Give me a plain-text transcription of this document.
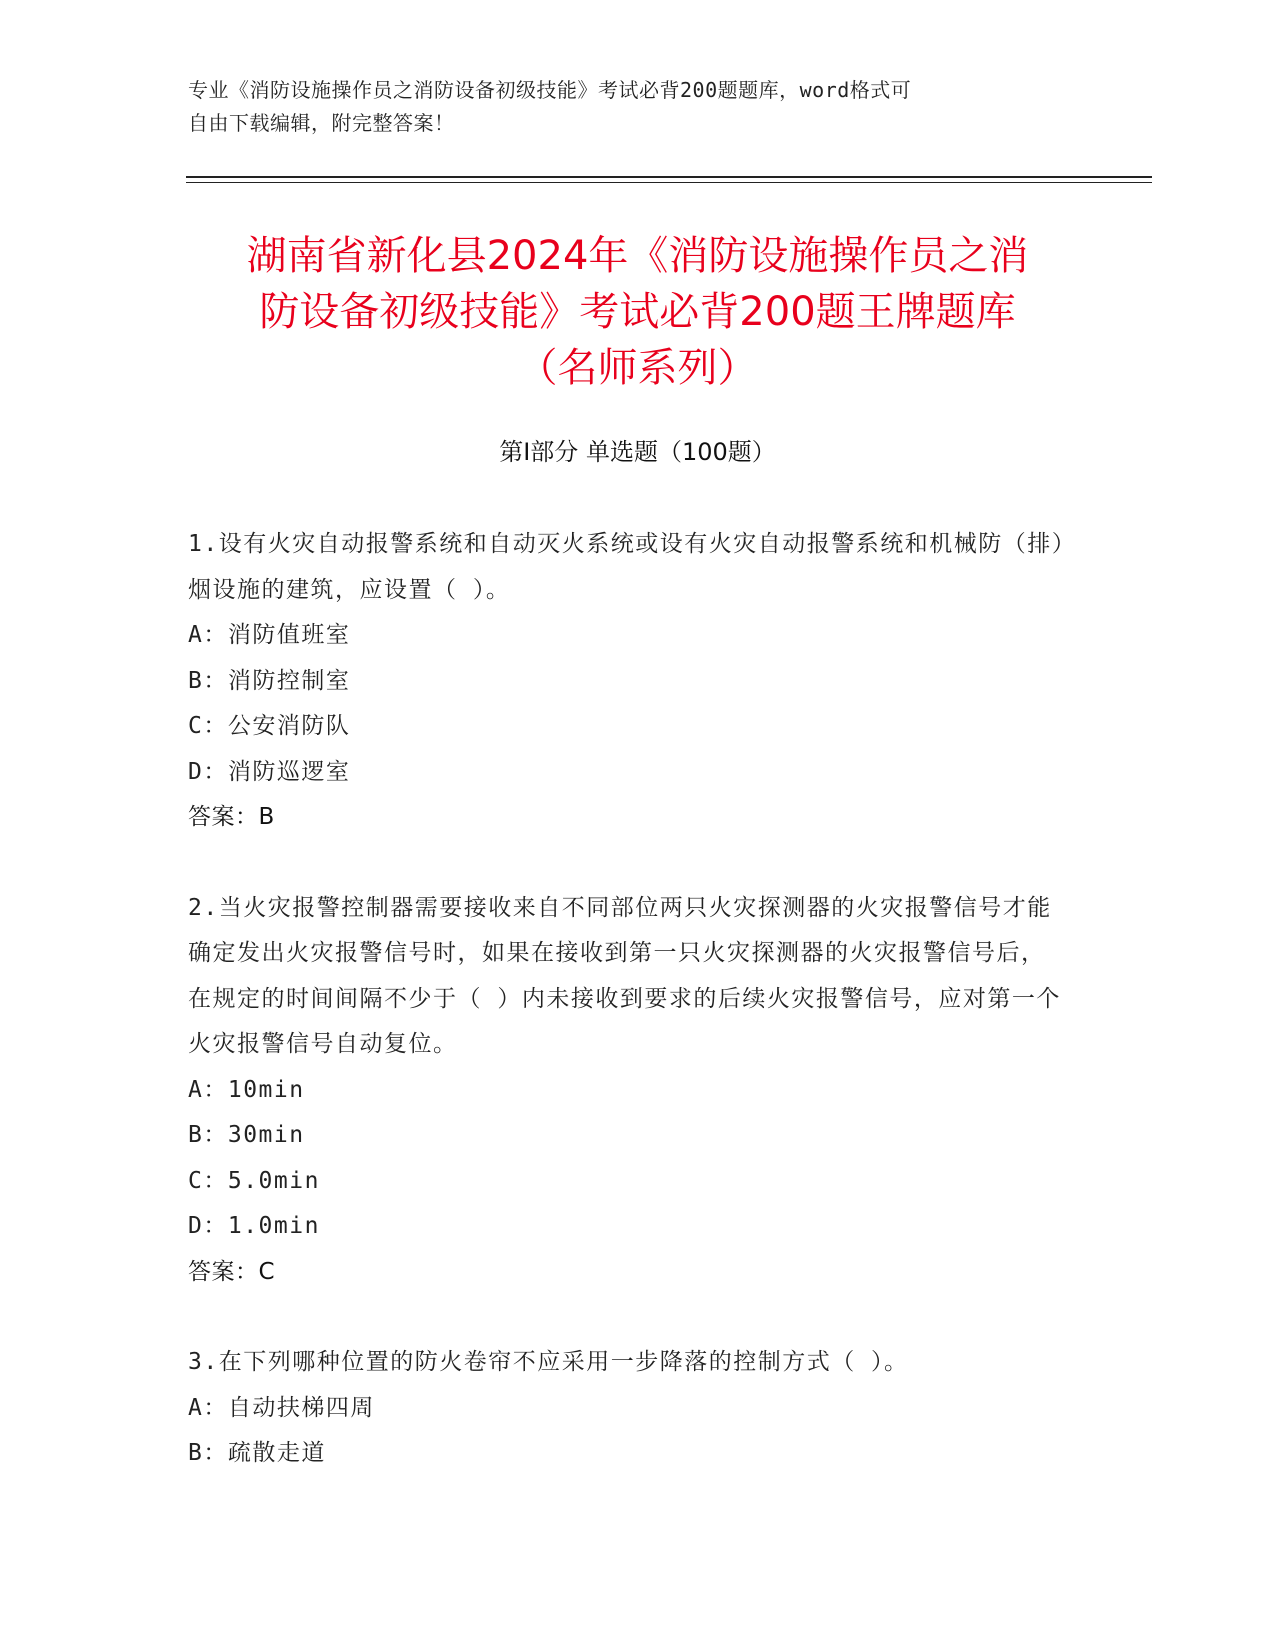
专业《消防设施操作员之消防设备初级技能》考试必背200题题库，word格式可
自由下载编辑，附完整答案！
湖南省新化县2024年《消防设施操作员之消
防设备初级技能》考试必背200题王牌题库
（名师系列）
第Ⅰ部分 单选题（100题）
1.设有火灾自动报警系统和自动灭火系统或设有火灾自动报警系统和机械防（排）烟设施的建筑，应设置（ ）。
A：消防值班室
B：消防控制室
C：公安消防队
D：消防巡逻室
答案：B
2.当火灾报警控制器需要接收来自不同部位两只火灾探测器的火灾报警信号才能确定发出火灾报警信号时，如果在接收到第一只火灾探测器的火灾报警信号后，在规定的时间间隔不少于（ ）内未接收到要求的后续火灾报警信号，应对第一个火灾报警信号自动复位。
A：10min
B：30min
C：5.0min
D：1.0min
答案：C
3.在下列哪种位置的防火卷帘不应采用一步降落的控制方式（ ）。
A：自动扶梯四周
B：疏散走道
